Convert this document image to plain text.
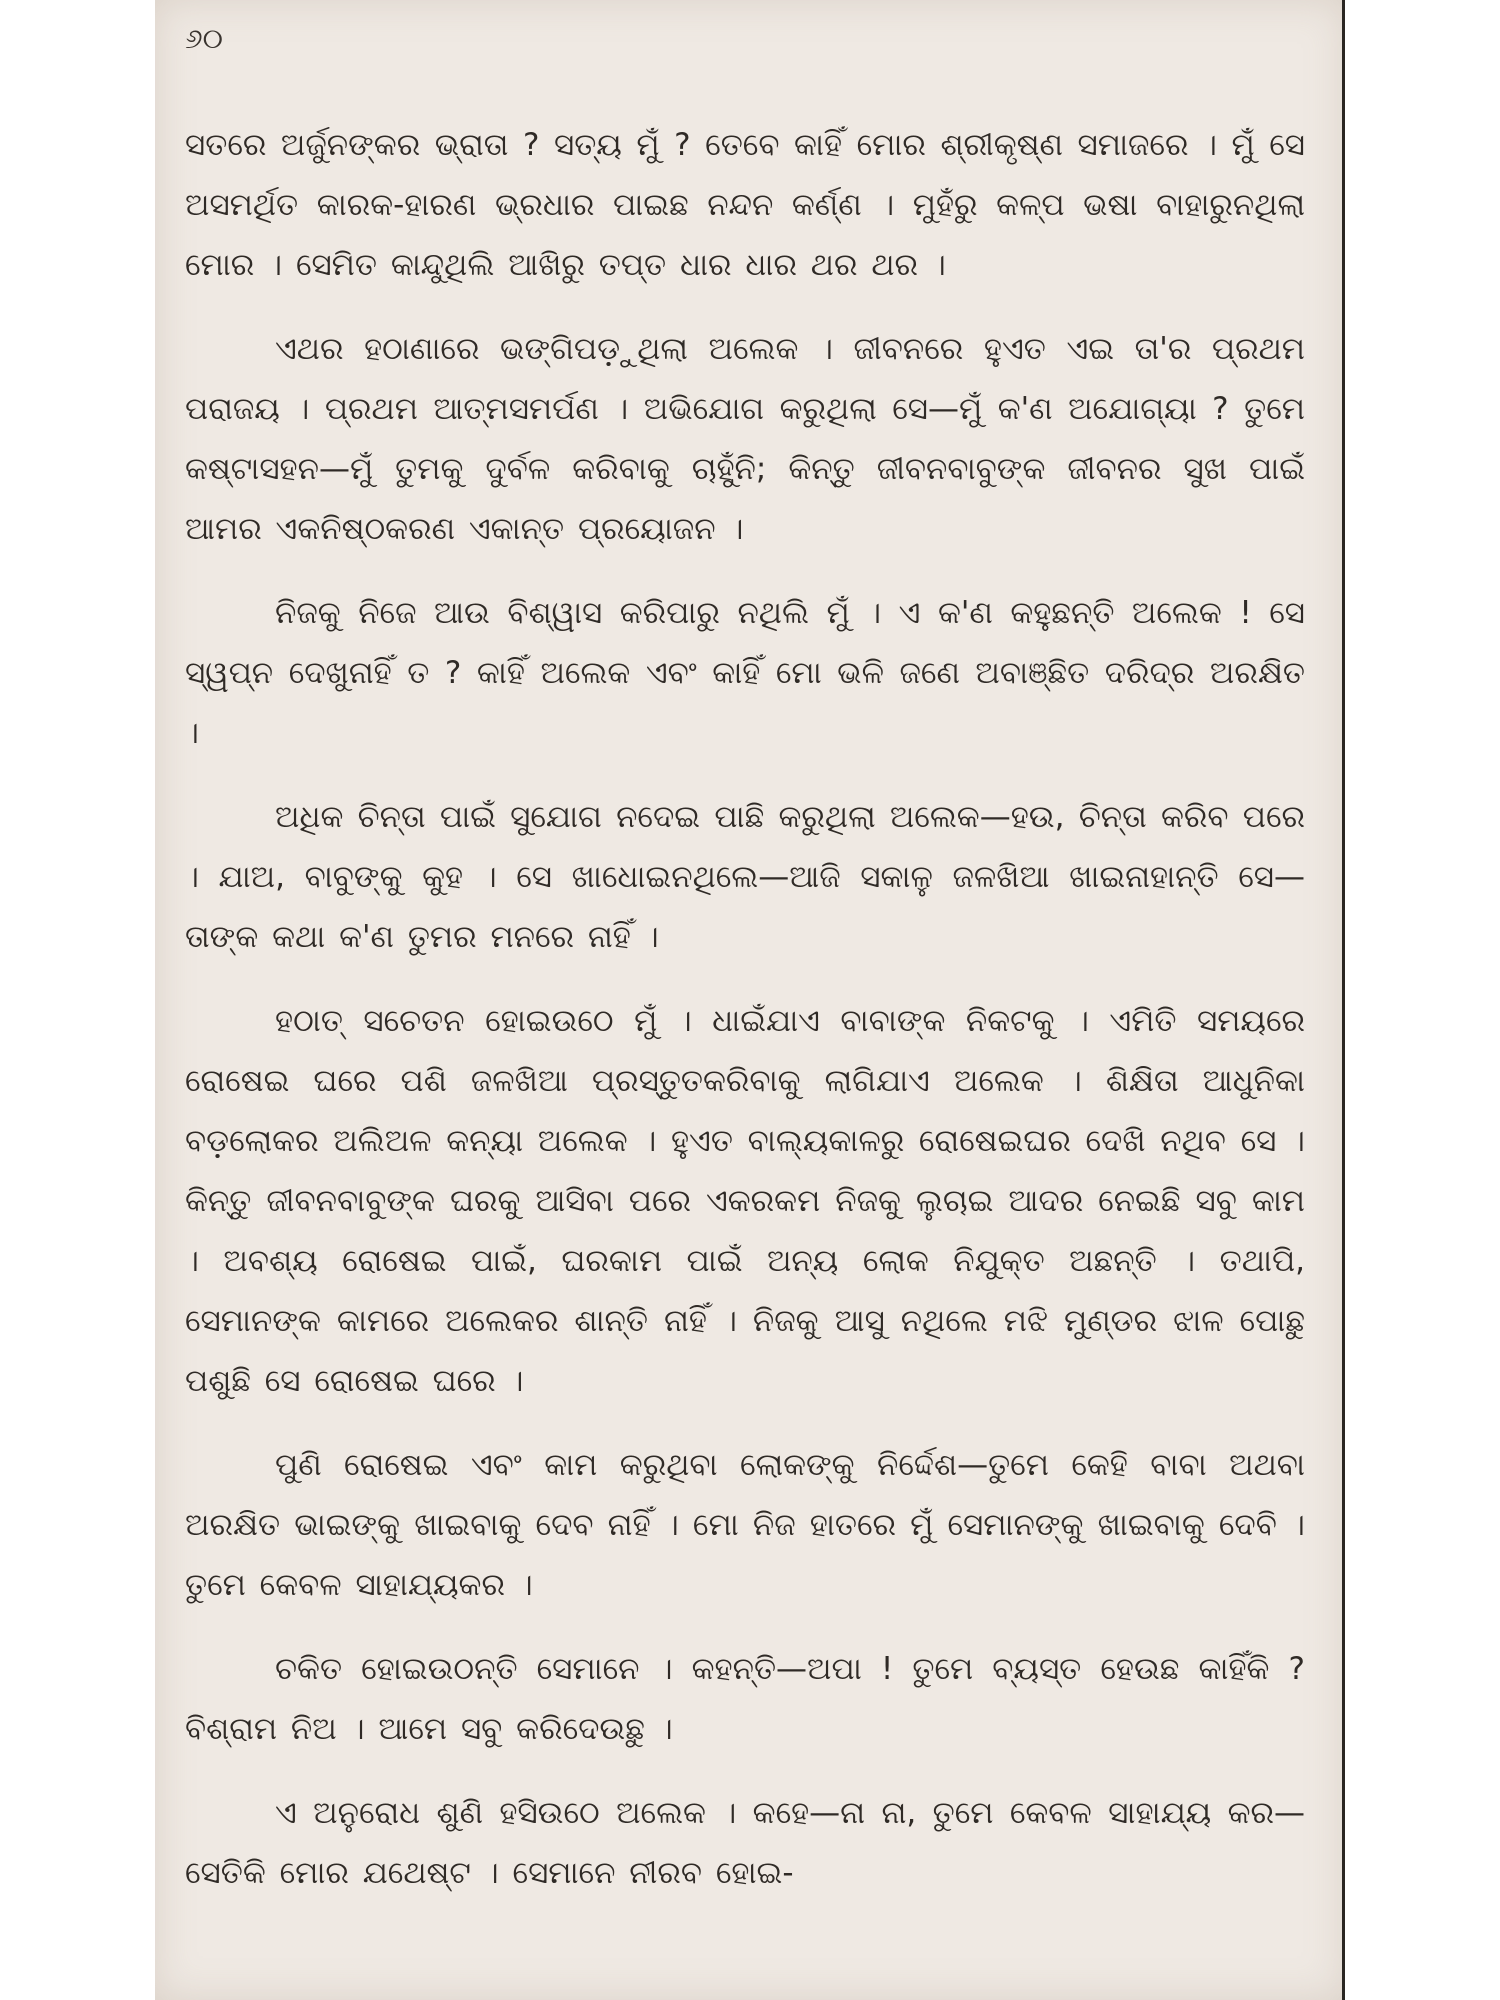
୬୦

ସତରେ ଅର୍ଜୁନଙ୍କର ଭ୍ରାତା ? ସତ୍ୟ ମୁଁ ? ତେବେ କାହିଁ ମୋର ଶ୍ରୀକୃଷ୍ଣ ସମାଜରେ । ମୁଁ ସେ ଅସମର୍ଥିତ କାରକ-ହାରଣ ଭ୍ରଧାର ପାଇଛ ନନ୍ଦନ କର୍ଣ୍ଣ । ମୁହଁରୁ କଳ୍ପ ଭଷା ବାହାରୁନଥିଲା ମୋର । ସେମିତ କାନ୍ଦୁଥିଲି ଆଖିରୁ ତପ୍ତ ଧାର ଧାର ଥର ଥର ।

ଏଥର ହଠାଣାରେ ଭଙ୍ଗିପଡ଼ୁଥିଲା ଅଲେକ । ଜୀବନରେ ହୁଏତ ଏଇ ତା'ର ପ୍ରଥମ ପରାଜୟ । ପ୍ରଥମ ଆତ୍ମସମର୍ପଣ । ଅଭିଯୋଗ କରୁଥିଲା ସେ—ମୁଁ କ'ଣ ଅଯୋଗ୍ୟା ? ତୁମେ କଷ୍ଟାସହନ—ମୁଁ ତୁମକୁ ଦୁର୍ବଳ କରିବାକୁ ଚାହୁଁନି; କିନ୍ତୁ ଜୀବନବାବୁଙ୍କ ଜୀବନର ସୁଖ ପାଇଁ ଆମର ଏକନିଷ୍ଠକରଣ ଏକାନ୍ତ ପ୍ରୟୋଜନ ।

ନିଜକୁ ନିଜେ ଆଉ ବିଶ୍ୱାସ କରିପାରୁ ନଥିଲି ମୁଁ । ଏ କ'ଣ କହୁଛନ୍ତି ଅଲେକ ! ସେ ସ୍ୱପ୍ନ ଦେଖୁନାହିଁ ତ ? କାହିଁ ଅଲେକ ଏବଂ କାହିଁ ମୋ ଭଳି ଜଣେ ଅବାଞ୍ଛିତ ଦରିଦ୍ର ଅରକ୍ଷିତ ।

ଅଧିକ ଚିନ୍ତା ପାଇଁ ସୁଯୋଗ ନଦେଇ ପାଛି କରୁଥିଲା ଅଲେକ—ହଉ, ଚିନ୍ତା କରିବ ପରେ । ଯାଅ, ବାବୁଙ୍କୁ କୁହ । ସେ ଖାଧୋଇନଥିଲେ—ଆଜି ସକାଳୁ ଜଳଖିଆ ଖାଇନାହାନ୍ତି ସେ—ତାଙ୍କ କଥା କ'ଣ ତୁମର ମନରେ ନାହିଁ ।

ହଠାତ୍ ସଚେତନ ହୋଇଉଠେ ମୁଁ । ଧାଇଁଯାଏ ବାବାଙ୍କ ନିକଟକୁ । ଏମିତି ସମୟରେ ରୋଷେଇ ଘରେ ପଶି ଜଳଖିଆ ପ୍ରସ୍ତୁତକରିବାକୁ ଲାଗିଯାଏ ଅଲେକ । ଶିକ୍ଷିତା ଆଧୁନିକା ବଡ଼ଲୋକର ଅଲିଅଳ କନ୍ୟା ଅଲେକ । ହୁଏତ ବାଲ୍ୟକାଳରୁ ରୋଷେଇଘର ଦେଖି ନଥିବ ସେ । କିନ୍ତୁ ଜୀବନବାବୁଙ୍କ ଘରକୁ ଆସିବା ପରେ ଏକରକମ ନିଜକୁ ଲୁଚାଇ ଆଦର ନେଇଛି ସବୁ କାମ । ଅବଶ୍ୟ ରୋଷେଇ ପାଇଁ, ଘରକାମ ପାଇଁ ଅନ୍ୟ ଲୋକ ନିଯୁକ୍ତ ଅଛନ୍ତି । ତଥାପି, ସେମାନଙ୍କ କାମରେ ଅଲେକର ଶାନ୍ତି ନାହିଁ । ନିଜକୁ ଆସୁ ନଥିଲେ ମଝି ମୁଣ୍ଡର ଝାଳ ପୋଛୁ ପଶୁଛି ସେ ରୋଷେଇ ଘରେ ।

ପୁଣି ରୋଷେଇ ଏବଂ କାମ କରୁଥିବା ଲୋକଙ୍କୁ ନିର୍ଦ୍ଦେଶ—ତୁମେ କେହି ବାବା ଅଥବା ଅରକ୍ଷିତ ଭାଇଙ୍କୁ ଖାଇବାକୁ ଦେବ ନାହିଁ । ମୋ ନିଜ ହାତରେ ମୁଁ ସେମାନଙ୍କୁ ଖାଇବାକୁ ଦେବି । ତୁମେ କେବଳ ସାହାଯ୍ୟକର ।

ଚକିତ ହୋଇଉଠନ୍ତି ସେମାନେ । କହନ୍ତି—ଅପା ! ତୁମେ ବ୍ୟସ୍ତ ହେଉଛ କାହିଁକି ? ବିଶ୍ରାମ ନିଅ । ଆମେ ସବୁ କରିଦେଉଛୁ ।

ଏ ଅନୁରୋଧ ଶୁଣି ହସିଉଠେ ଅଲେକ । କହେ—ନା ନା, ତୁମେ କେବଳ ସାହାଯ୍ୟ କର—ସେତିକି ମୋର ଯଥେଷ୍ଟ । ସେମାନେ ନୀରବ ହୋଇ-
